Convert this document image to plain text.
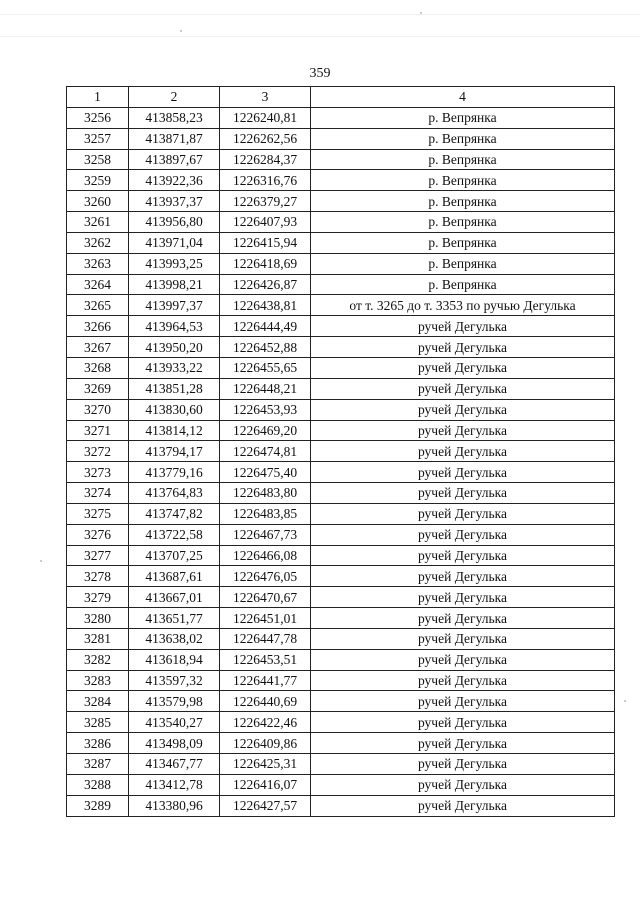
359
1	2	3	4
3256	413858,23	1226240,81	р. Вепрянка
3257	413871,87	1226262,56	р. Вепрянка
3258	413897,67	1226284,37	р. Вепрянка
3259	413922,36	1226316,76	р. Вепрянка
3260	413937,37	1226379,27	р. Вепрянка
3261	413956,80	1226407,93	р. Вепрянка
3262	413971,04	1226415,94	р. Вепрянка
3263	413993,25	1226418,69	р. Вепрянка
3264	413998,21	1226426,87	р. Вепрянка
3265	413997,37	1226438,81	от т. 3265 до т. 3353 по ручью Дегулька
3266	413964,53	1226444,49	ручей Дегулька
3267	413950,20	1226452,88	ручей Дегулька
3268	413933,22	1226455,65	ручей Дегулька
3269	413851,28	1226448,21	ручей Дегулька
3270	413830,60	1226453,93	ручей Дегулька
3271	413814,12	1226469,20	ручей Дегулька
3272	413794,17	1226474,81	ручей Дегулька
3273	413779,16	1226475,40	ручей Дегулька
3274	413764,83	1226483,80	ручей Дегулька
3275	413747,82	1226483,85	ручей Дегулька
3276	413722,58	1226467,73	ручей Дегулька
3277	413707,25	1226466,08	ручей Дегулька
3278	413687,61	1226476,05	ручей Дегулька
3279	413667,01	1226470,67	ручей Дегулька
3280	413651,77	1226451,01	ручей Дегулька
3281	413638,02	1226447,78	ручей Дегулька
3282	413618,94	1226453,51	ручей Дегулька
3283	413597,32	1226441,77	ручей Дегулька
3284	413579,98	1226440,69	ручей Дегулька
3285	413540,27	1226422,46	ручей Дегулька
3286	413498,09	1226409,86	ручей Дегулька
3287	413467,77	1226425,31	ручей Дегулька
3288	413412,78	1226416,07	ручей Дегулька
3289	413380,96	1226427,57	ручей Дегулька
